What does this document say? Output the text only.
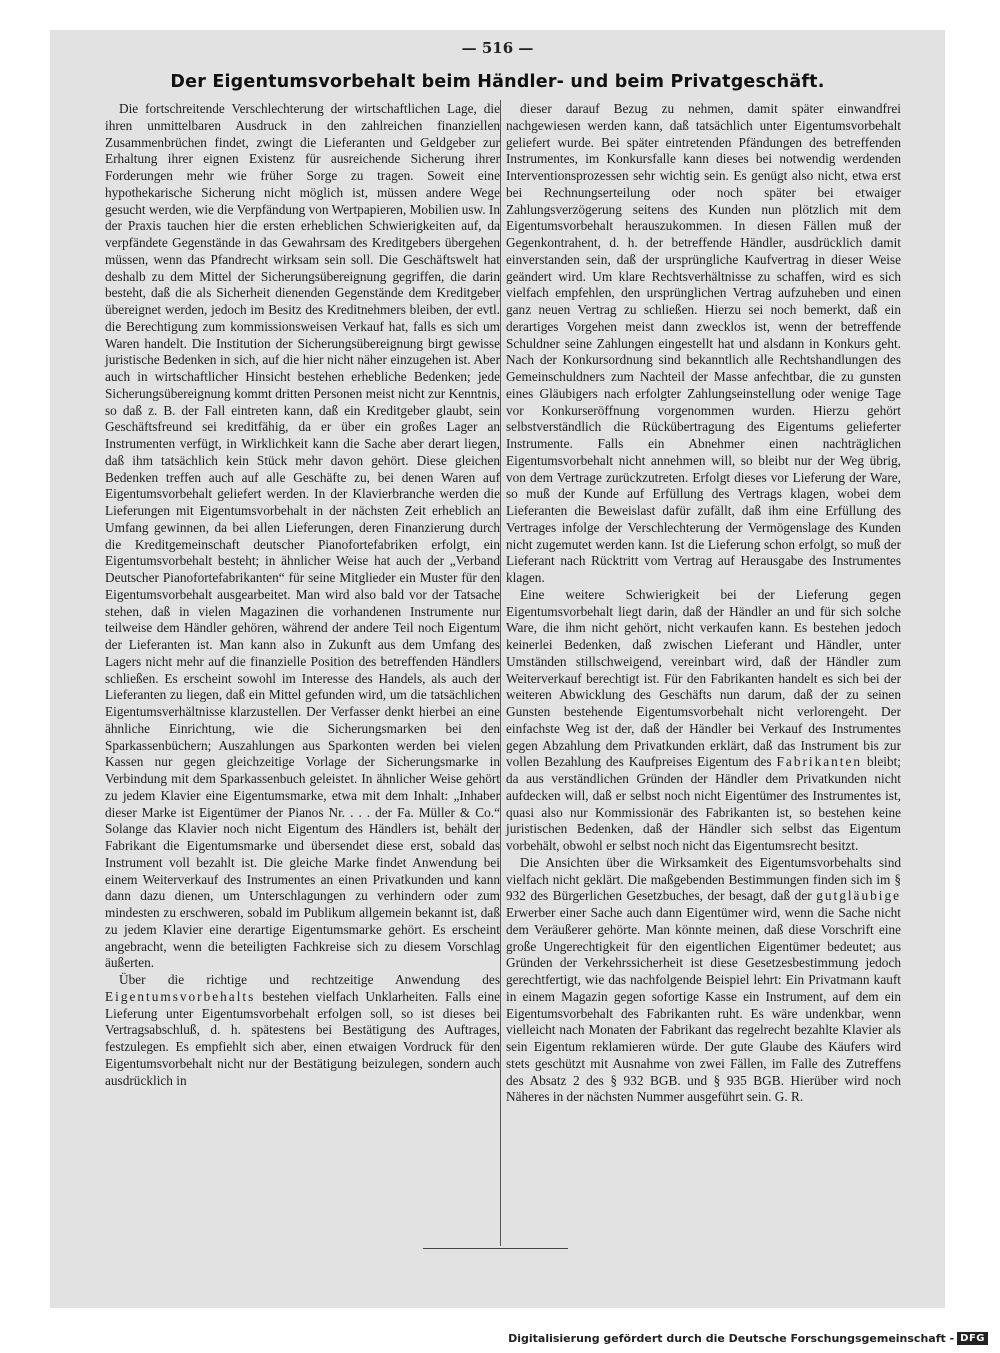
— 516 —
Der Eigentumsvorbehalt beim Händler- und beim Privatgeschäft.

Die fortschreitende Verschlechterung der wirtschaftlichen Lage, die ihren unmittelbaren Ausdruck in den zahlreichen finanziellen Zusammenbrüchen findet, zwingt die Lieferanten und Geldgeber zur Erhaltung ihrer eignen Existenz für ausreichende Sicherung ihrer Forderungen mehr wie früher Sorge zu tragen. Soweit eine hypothekarische Sicherung nicht möglich ist, müssen andere Wege gesucht werden, wie die Verpfändung von Wertpapieren, Mobilien usw. In der Praxis tauchen hier die ersten erheblichen Schwierigkeiten auf, da verpfändete Gegenstände in das Gewahrsam des Kreditgebers übergehen müssen, wenn das Pfandrecht wirksam sein soll. Die Geschäftswelt hat deshalb zu dem Mittel der Sicherungsübereignung gegriffen, die darin besteht, daß die als Sicherheit dienenden Gegenstände dem Kreditgeber übereignet werden, jedoch im Besitz des Kreditnehmers bleiben, der evtl. die Berechtigung zum kommissionsweisen Verkauf hat, falls es sich um Waren handelt. Die Institution der Sicherungsübereignung birgt gewisse juristische Bedenken in sich, auf die hier nicht näher einzugehen ist. Aber auch in wirtschaftlicher Hinsicht bestehen erhebliche Bedenken; jede Sicherungsübereignung kommt dritten Personen meist nicht zur Kenntnis, so daß z. B. der Fall eintreten kann, daß ein Kreditgeber glaubt, sein Geschäftsfreund sei kreditfähig, da er über ein großes Lager an Instrumenten verfügt, in Wirklichkeit kann die Sache aber derart liegen, daß ihm tatsächlich kein Stück mehr davon gehört. Diese gleichen Bedenken treffen auch auf alle Geschäfte zu, bei denen Waren auf Eigentumsvorbehalt geliefert werden. In der Klavierbranche werden die Lieferungen mit Eigentumsvorbehalt in der nächsten Zeit erheblich an Umfang gewinnen, da bei allen Lieferungen, deren Finanzierung durch die Kreditgemeinschaft deutscher Pianofortefabriken erfolgt, ein Eigentumsvorbehalt besteht; in ähnlicher Weise hat auch der „Verband Deutscher Pianofortefabrikanten“ für seine Mitglieder ein Muster für den Eigentumsvorbehalt ausgearbeitet. Man wird also bald vor der Tatsache stehen, daß in vielen Magazinen die vorhandenen Instrumente nur teilweise dem Händler gehören, während der andere Teil noch Eigentum der Lieferanten ist. Man kann also in Zukunft aus dem Umfang des Lagers nicht mehr auf die finanzielle Position des betreffenden Händlers schließen. Es erscheint sowohl im Interesse des Handels, als auch der Lieferanten zu liegen, daß ein Mittel gefunden wird, um die tatsächlichen Eigentumsverhältnisse klarzustellen. Der Verfasser denkt hierbei an eine ähnliche Einrichtung, wie die Sicherungsmarken bei den Sparkassenbüchern; Auszahlungen aus Sparkonten werden bei vielen Kassen nur gegen gleichzeitige Vorlage der Sicherungsmarke in Verbindung mit dem Sparkassenbuch geleistet. In ähnlicher Weise gehört zu jedem Klavier eine Eigentumsmarke, etwa mit dem Inhalt: „Inhaber dieser Marke ist Eigentümer der Pianos Nr. . . . der Fa. Müller & Co.“ Solange das Klavier noch nicht Eigentum des Händlers ist, behält der Fabrikant die Eigentumsmarke und übersendet diese erst, sobald das Instrument voll bezahlt ist. Die gleiche Marke findet Anwendung bei einem Weiterverkauf des Instrumentes an einen Privatkunden und kann dann dazu dienen, um Unterschlagungen zu verhindern oder zum mindesten zu erschweren, sobald im Publikum allgemein bekannt ist, daß zu jedem Klavier eine derartige Eigentumsmarke gehört. Es erscheint angebracht, wenn die beteiligten Fachkreise sich zu diesem Vorschlag äußerten.

Über die richtige und rechtzeitige Anwendung des Eigentumsvorbehalts bestehen vielfach Unklarheiten. Falls eine Lieferung unter Eigentumsvorbehalt erfolgen soll, so ist dieses bei Vertragsabschluß, d. h. spätestens bei Bestätigung des Auftrages, festzulegen. Es empfiehlt sich aber, einen etwaigen Vordruck für den Eigentumsvorbehalt nicht nur der Bestätigung beizulegen, sondern auch ausdrücklich in

dieser darauf Bezug zu nehmen, damit später einwandfrei nachgewiesen werden kann, daß tatsächlich unter Eigentumsvorbehalt geliefert wurde. Bei später eintretenden Pfändungen des betreffenden Instrumentes, im Konkursfalle kann dieses bei notwendig werdenden Interventionsprozessen sehr wichtig sein. Es genügt also nicht, etwa erst bei Rechnungserteilung oder noch später bei etwaiger Zahlungsverzögerung seitens des Kunden nun plötzlich mit dem Eigentumsvorbehalt herauszukommen. In diesen Fällen muß der Gegenkontrahent, d. h. der betreffende Händler, ausdrücklich damit einverstanden sein, daß der ursprüngliche Kaufvertrag in dieser Weise geändert wird. Um klare Rechtsverhältnisse zu schaffen, wird es sich vielfach empfehlen, den ursprünglichen Vertrag aufzuheben und einen ganz neuen Vertrag zu schließen. Hierzu sei noch bemerkt, daß ein derartiges Vorgehen meist dann zwecklos ist, wenn der betreffende Schuldner seine Zahlungen eingestellt hat und alsdann in Konkurs geht. Nach der Konkursordnung sind bekanntlich alle Rechtshandlungen des Gemeinschuldners zum Nachteil der Masse anfechtbar, die zu gunsten eines Gläubigers nach erfolgter Zahlungseinstellung oder wenige Tage vor Konkurseröffnung vorgenommen wurden. Hierzu gehört selbstverständlich die Rückübertragung des Eigentums gelieferter Instrumente. Falls ein Abnehmer einen nachträglichen Eigentumsvorbehalt nicht annehmen will, so bleibt nur der Weg übrig, von dem Vertrage zurückzutreten. Erfolgt dieses vor Lieferung der Ware, so muß der Kunde auf Erfüllung des Vertrags klagen, wobei dem Lieferanten die Beweislast dafür zufällt, daß ihm eine Erfüllung des Vertrages infolge der Verschlechterung der Vermögenslage des Kunden nicht zugemutet werden kann. Ist die Lieferung schon erfolgt, so muß der Lieferant nach Rücktritt vom Vertrag auf Herausgabe des Instrumentes klagen.

Eine weitere Schwierigkeit bei der Lieferung gegen Eigentumsvorbehalt liegt darin, daß der Händler an und für sich solche Ware, die ihm nicht gehört, nicht verkaufen kann. Es bestehen jedoch keinerlei Bedenken, daß zwischen Lieferant und Händler, unter Umständen stillschweigend, vereinbart wird, daß der Händler zum Weiterverkauf berechtigt ist. Für den Fabrikanten handelt es sich bei der weiteren Abwicklung des Geschäfts nun darum, daß der zu seinen Gunsten bestehende Eigentumsvorbehalt nicht verlorengeht. Der einfachste Weg ist der, daß der Händler bei Verkauf des Instrumentes gegen Abzahlung dem Privatkunden erklärt, daß das Instrument bis zur vollen Bezahlung des Kaufpreises Eigentum des Fabrikanten bleibt; da aus verständlichen Gründen der Händler dem Privatkunden nicht aufdecken will, daß er selbst noch nicht Eigentümer des Instrumentes ist, quasi also nur Kommissionär des Fabrikanten ist, so bestehen keine juristischen Bedenken, daß der Händler sich selbst das Eigentum vorbehält, obwohl er selbst noch nicht das Eigentumsrecht besitzt.

Die Ansichten über die Wirksamkeit des Eigentumsvorbehalts sind vielfach nicht geklärt. Die maßgebenden Bestimmungen finden sich im § 932 des Bürgerlichen Gesetzbuches, der besagt, daß der gutgläubige Erwerber einer Sache auch dann Eigentümer wird, wenn die Sache nicht dem Veräußerer gehörte. Man könnte meinen, daß diese Vorschrift eine große Ungerechtigkeit für den eigentlichen Eigentümer bedeutet; aus Gründen der Verkehrssicherheit ist diese Gesetzesbestimmung jedoch gerechtfertigt, wie das nachfolgende Beispiel lehrt: Ein Privatmann kauft in einem Magazin gegen sofortige Kasse ein Instrument, auf dem ein Eigentumsvorbehalt des Fabrikanten ruht. Es wäre undenkbar, wenn vielleicht nach Monaten der Fabrikant das regelrecht bezahlte Klavier als sein Eigentum reklamieren würde. Der gute Glaube des Käufers wird stets geschützt mit Ausnahme von zwei Fällen, im Falle des Zutreffens des Absatz 2 des § 932 BGB. und § 935 BGB. Hierüber wird noch Näheres in der nächsten Nummer ausgeführt sein. G. R.

Digitalisierung gefördert durch die Deutsche Forschungsgemeinschaft - DFG
